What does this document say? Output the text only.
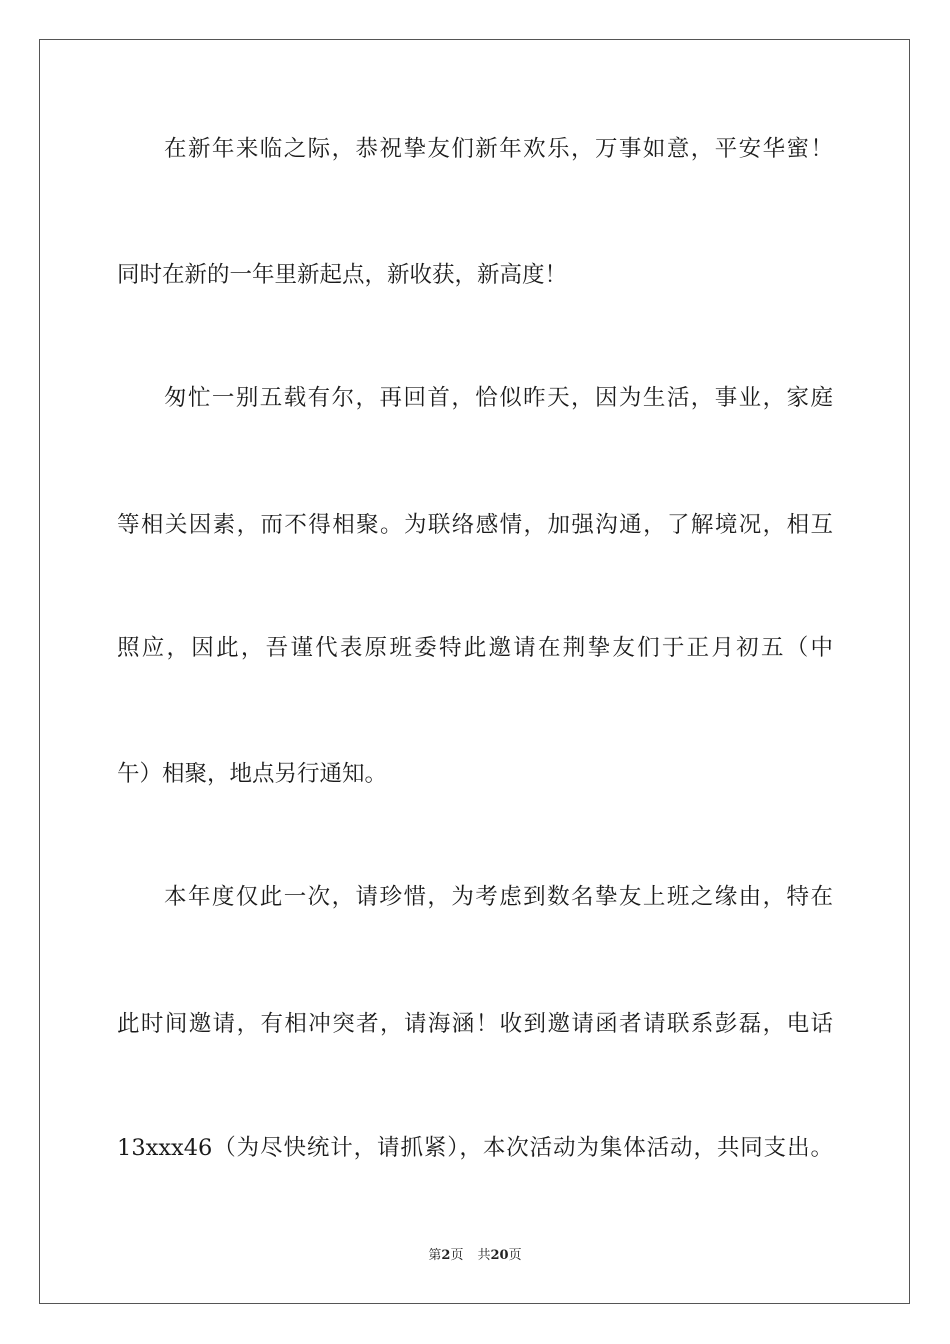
在新年来临之际，恭祝挚友们新年欢乐，万事如意，平安华蜜！
同时在新的一年里新起点，新收获，新高度！
匆忙一别五载有尔，再回首，恰似昨天，因为生活，事业，家庭
等相关因素，而不得相聚。为联络感情，加强沟通，了解境况，相互
照应，因此，吾谨代表原班委特此邀请在荆挚友们于正月初五（中
午）相聚，地点另行通知。
本年度仅此一次，请珍惜，为考虑到数名挚友上班之缘由，特在
此时间邀请，有相冲突者，请海涵！收到邀请函者请联系彭磊，电话
13xxx46（为尽快统计，请抓紧），本次活动为集体活动，共同支出。
第2页 共20页
